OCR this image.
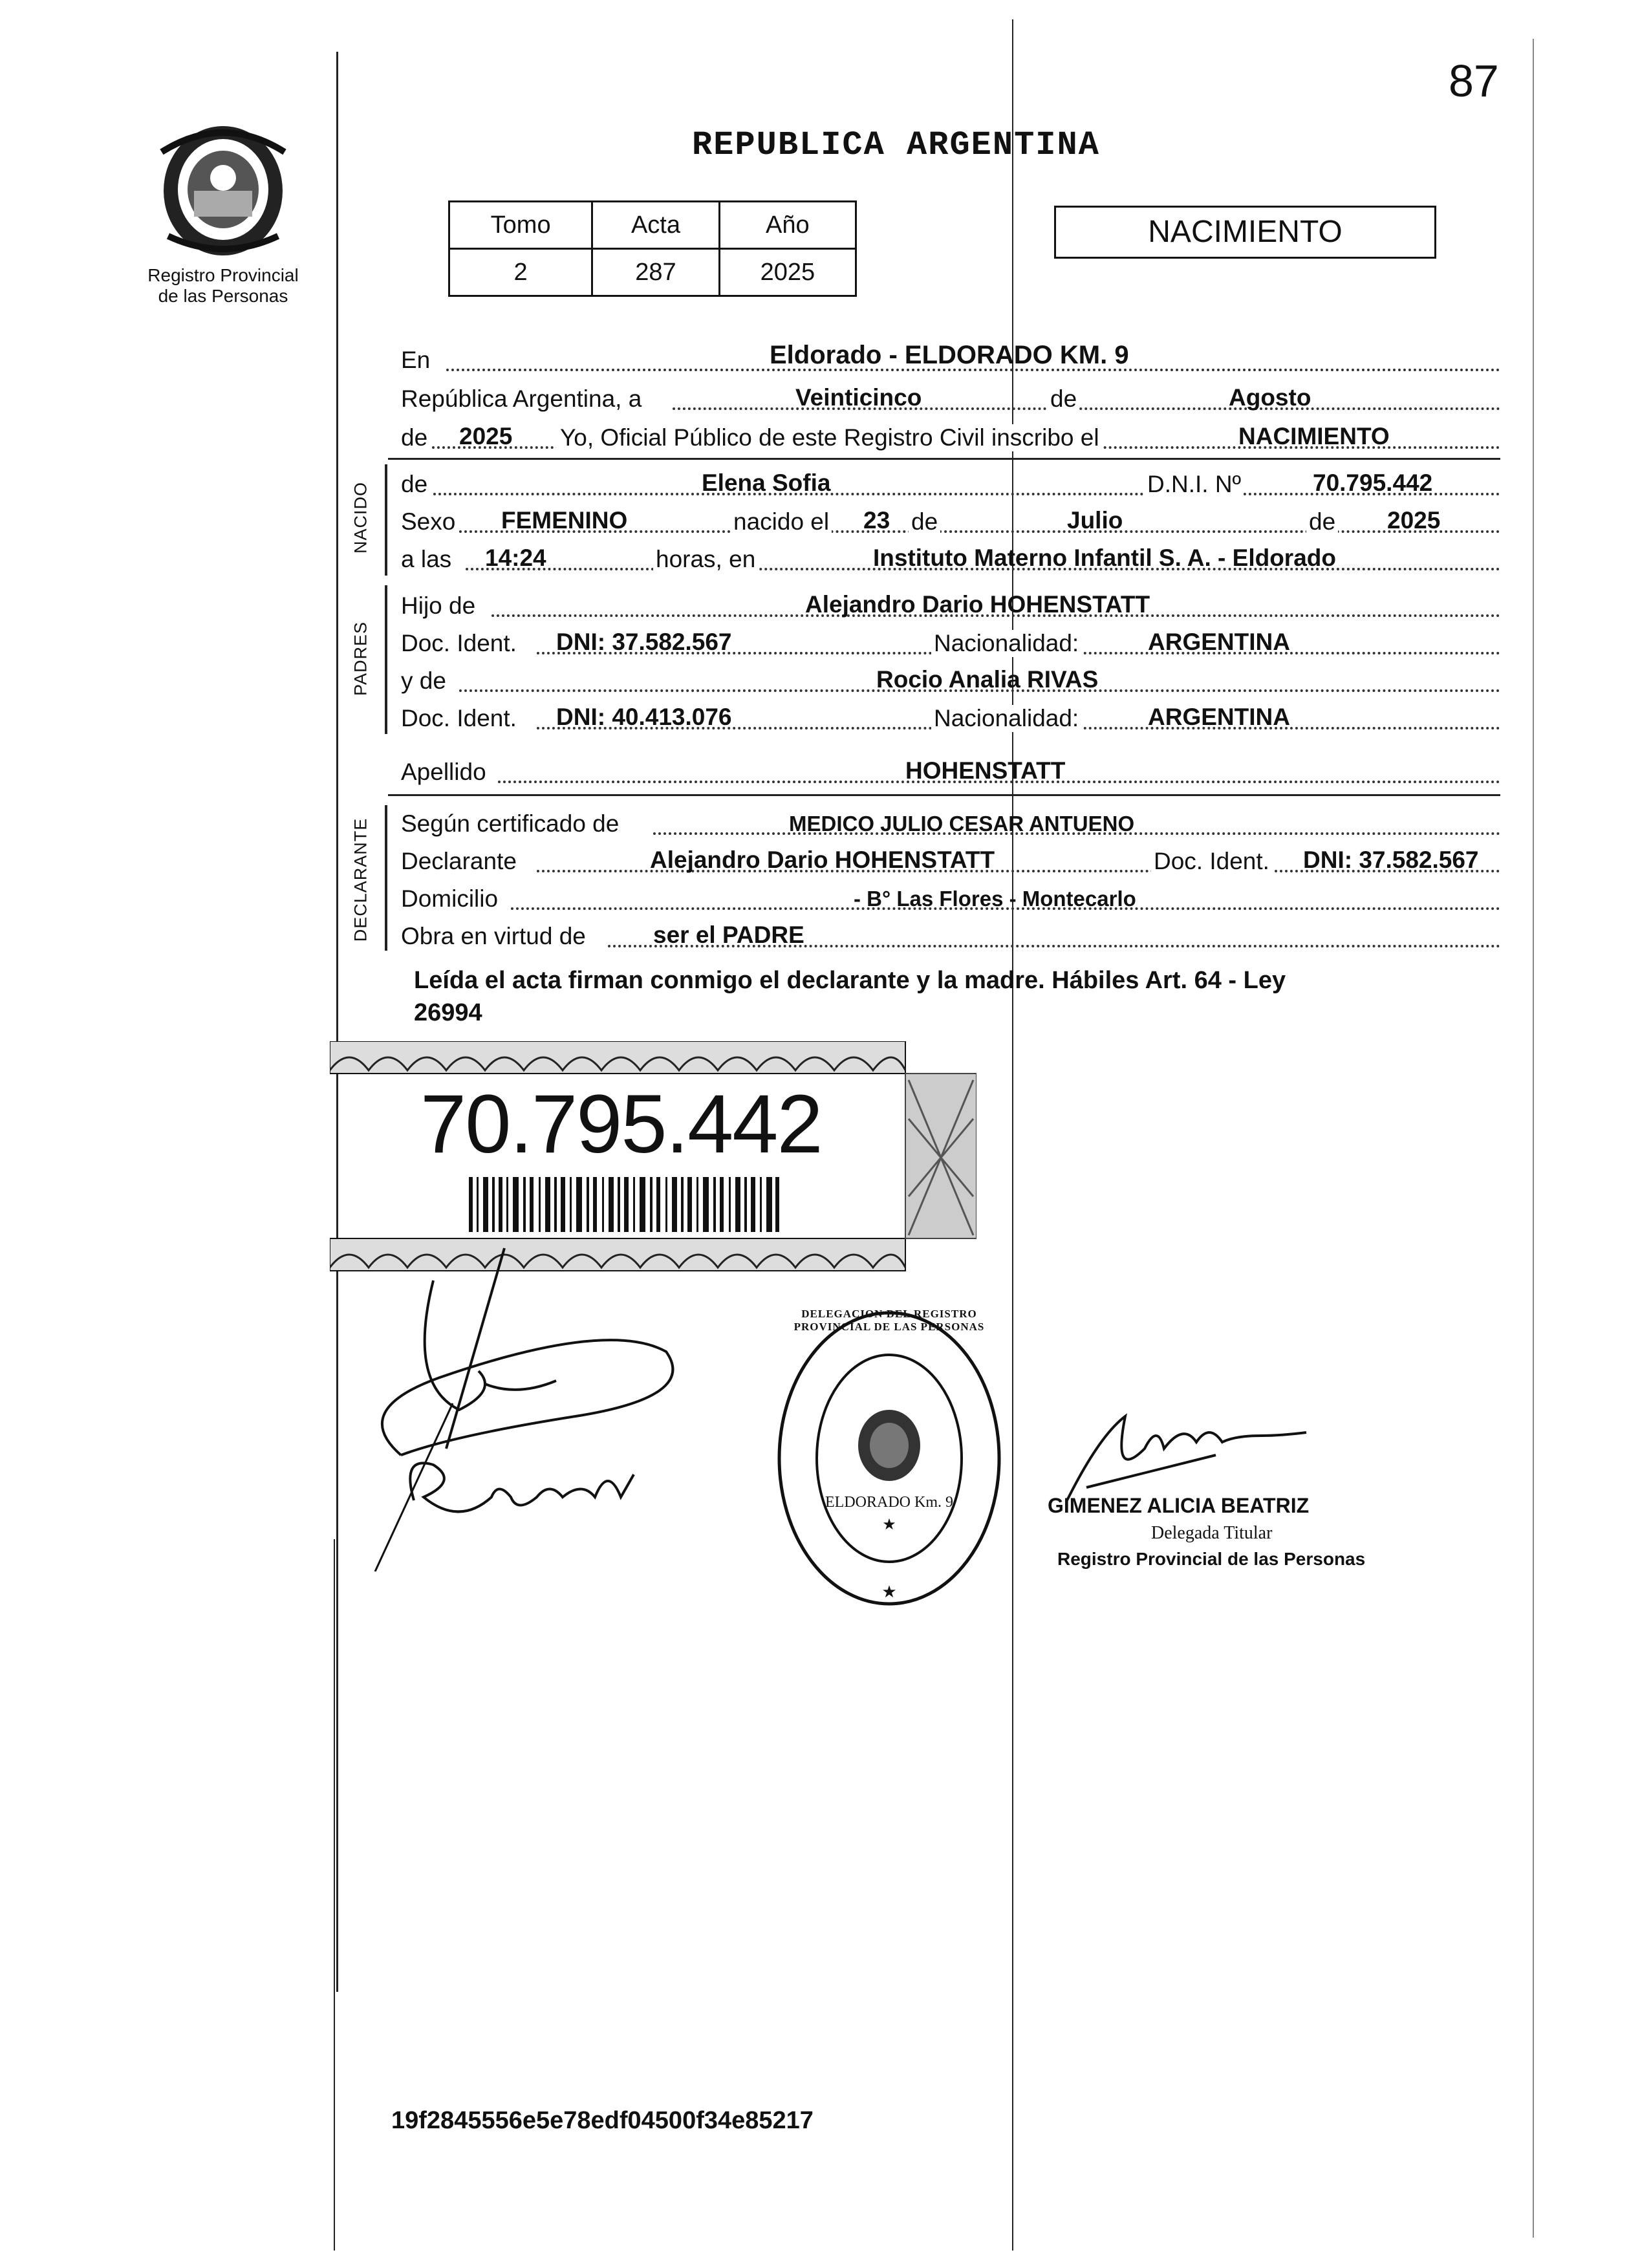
87
Registro Provincial
de las Personas
REPUBLICA ARGENTINA
Tomo	Acta	Año
2	287	2025
NACIMIENTO
En	Eldorado - ELDORADO KM. 9
República Argentina, a	Veinticinco	de	Agosto
de 2025 Yo, Oficial Público de este Registro Civil inscribo el	NACIMIENTO
NACIDO de	Elena Sofia	D.N.I. Nº	70.795.442
Sexo FEMENINO	nacido el 23 de	Julio	de 2025
a las 14:24	horas, en	Instituto Materno Infantil S. A. - Eldorado
PADRES
Hijo de	Alejandro Dario HOHENSTATT
Doc. Ident. DNI: 37.582.567	Nacionalidad:	ARGENTINA
y de	Rocio Analia RIVAS
Doc. Ident. DNI: 40.413.076	Nacionalidad:	ARGENTINA
Apellido	HOHENSTATT
DECLARANTE Según certificado de	MEDICO JULIO CESAR ANTUENO
Declarante	Alejandro Dario HOHENSTATT	Doc. Ident. DNI: 37.582.567
Domicilio	- B° Las Flores - Montecarlo
Obra en virtud de	ser el PADRE
Leída el acta firman conmigo el declarante y la madre. Hábiles Art. 64 - Ley
26994
70.795.442
★
★
DELEGACION DEL REGISTRO PROVINCIAL DE LAS PERSONAS
ELDORADO Km. 9	GIMENEZ ALICIA BEATRIZ
Delegada Titular
Registro Provincial de las Personas
19f2845556e5e78edf04500f34e85217
